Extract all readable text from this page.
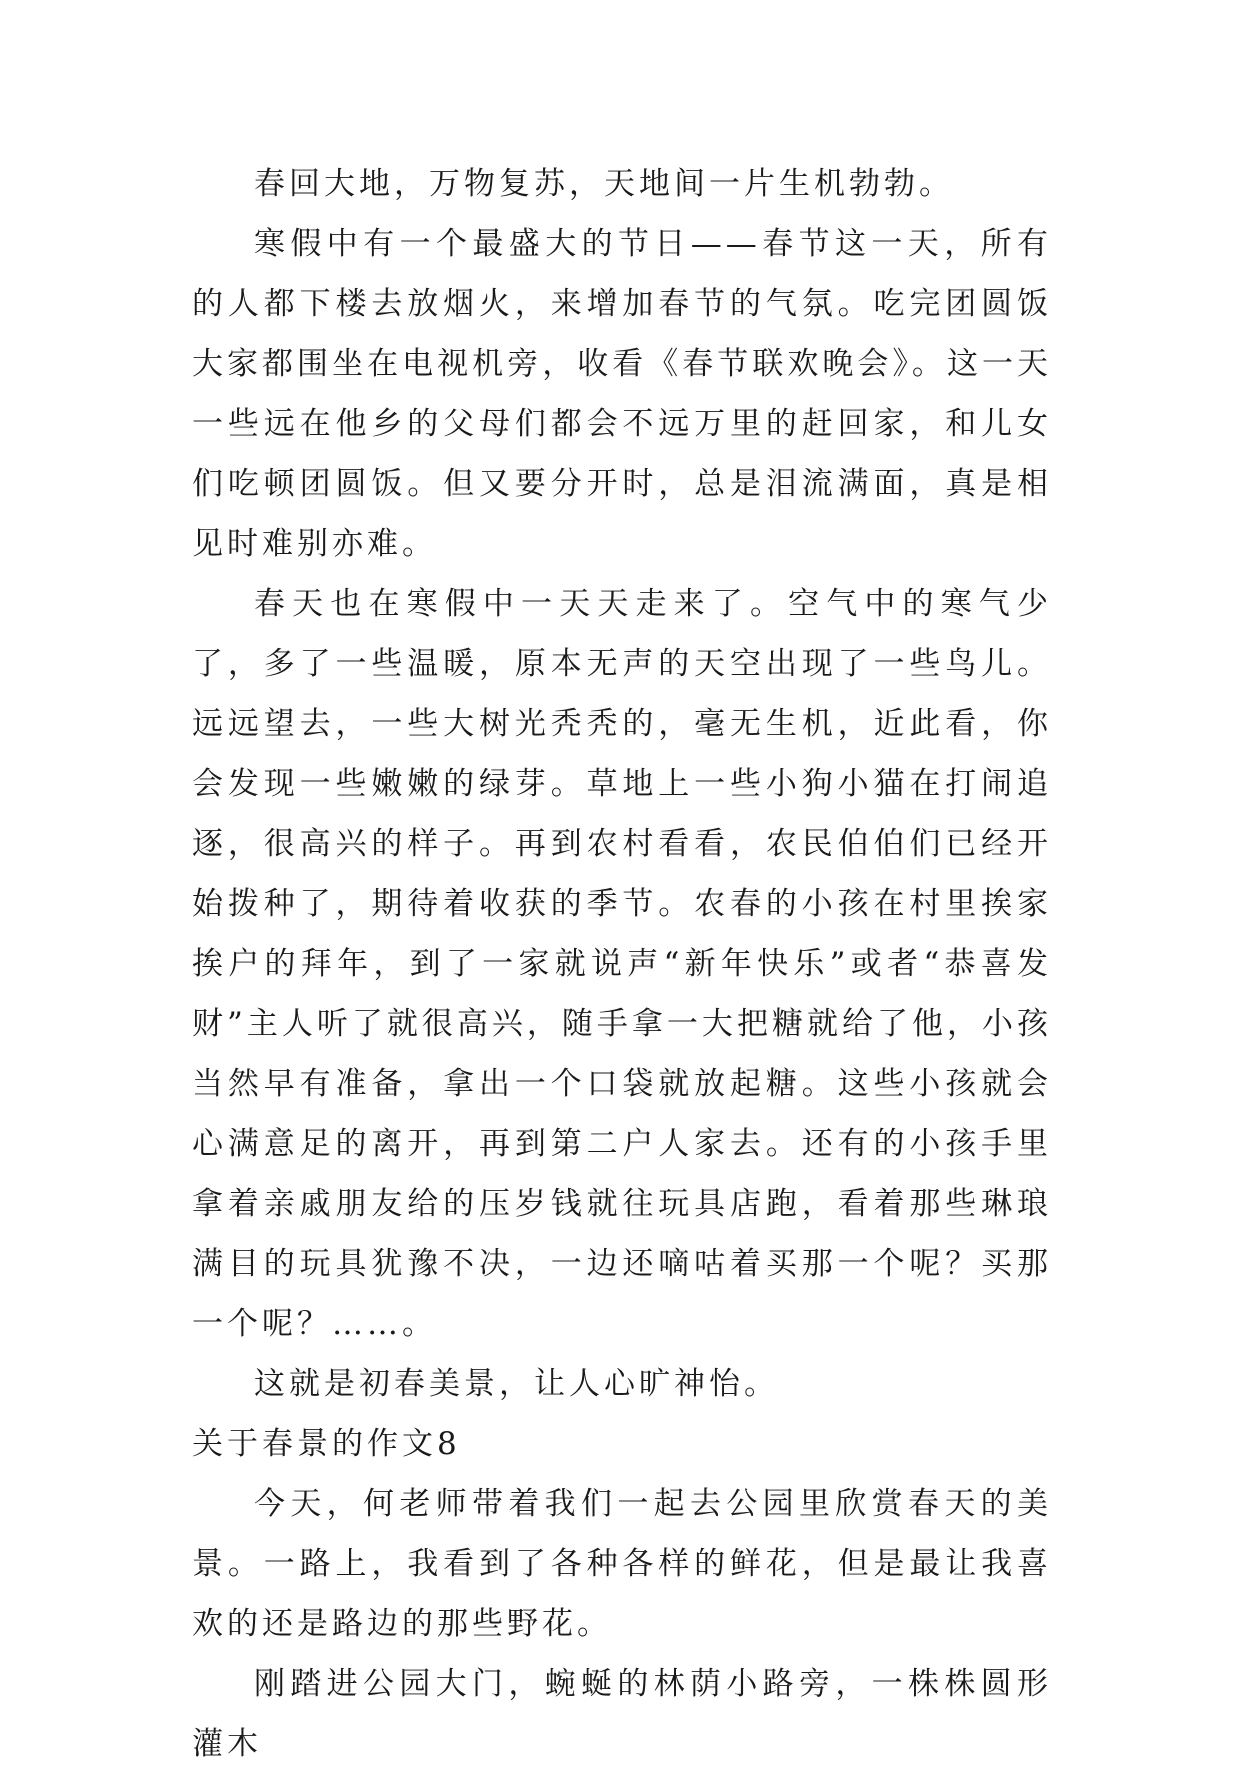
春回大地，万物复苏，天地间一片生机勃勃。

寒假中有一个最盛大的节日——春节这一天，所有的人都下楼去放烟火，来增加春节的气氛。吃完团圆饭大家都围坐在电视机旁，收看《春节联欢晚会》。这一天一些远在他乡的父母们都会不远万里的赶回家，和儿女们吃顿团圆饭。但又要分开时，总是泪流满面，真是相见时难别亦难。

春天也在寒假中一天天走来了。空气中的寒气少了，多了一些温暖，原本无声的天空出现了一些鸟儿。远远望去，一些大树光秃秃的，毫无生机，近此看，你会发现一些嫩嫩的绿芽。草地上一些小狗小猫在打闹追逐，很高兴的样子。再到农村看看，农民伯伯们已经开始拨种了，期待着收获的季节。农春的小孩在村里挨家挨户的拜年，到了一家就说声“新年快乐”或者“恭喜发财”主人听了就很高兴，随手拿一大把糖就给了他，小孩当然早有准备，拿出一个口袋就放起糖。这些小孩就会心满意足的离开，再到第二户人家去。还有的小孩手里拿着亲戚朋友给的压岁钱就往玩具店跑，看着那些琳琅满目的玩具犹豫不决，一边还嘀咕着买那一个呢？买那一个呢？……。

这就是初春美景，让人心旷神怡。

关于春景的作文8

今天，何老师带着我们一起去公园里欣赏春天的美景。一路上，我看到了各种各样的鲜花，但是最让我喜欢的还是路边的那些野花。

刚踏进公园大门，蜿蜒的林荫小路旁，一株株圆形灌木
